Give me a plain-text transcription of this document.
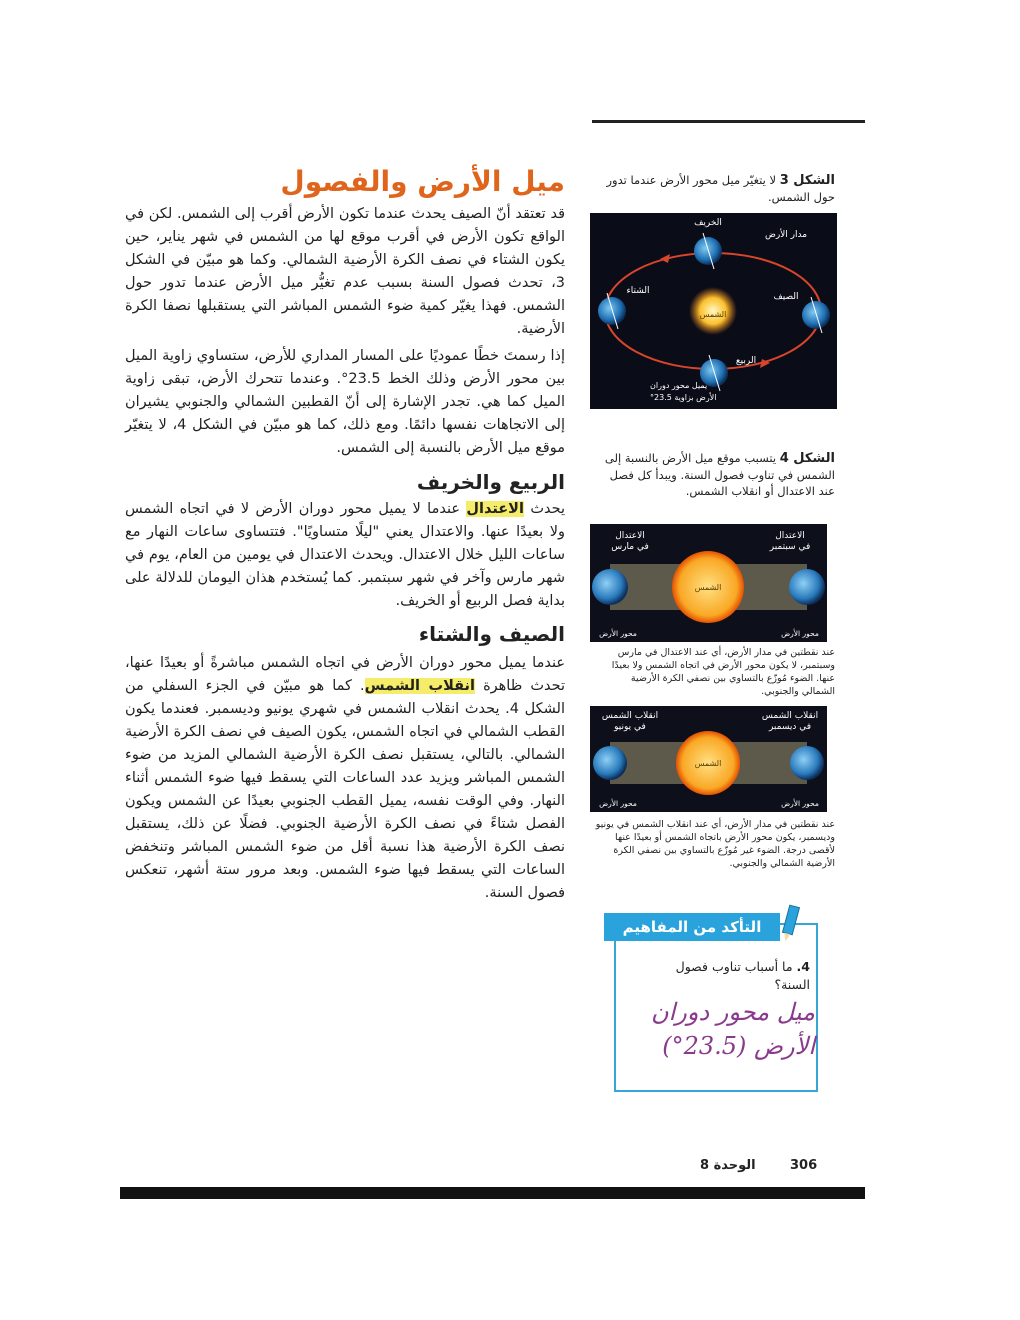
ميل الأرض والفصول

قد تعتقد أنّ الصيف يحدث عندما تكون الأرض أقرب إلى الشمس. لكن في الواقع تكون الأرض في أقرب موقع لها من الشمس في شهر يناير، حين يكون الشتاء في نصف الكرة الأرضية الشمالي. وكما هو مبيّن في الشكل 3، تحدث فصول السنة بسبب عدم تغيُّر ميل الأرض عندما تدور حول الشمس. فهذا يغيّر كمية ضوء الشمس المباشر التي يستقبلها نصفا الكرة الأرضية.

إذا رسمتَ خطًا عموديًا على المسار المداري للأرض، ستساوي زاوية الميل بين محور الأرض وذلك الخط 23.5°. وعندما تتحرك الأرض، تبقى زاوية الميل كما هي. تجدر الإشارة إلى أنّ القطبين الشمالي والجنوبي يشيران إلى الاتجاهات نفسها دائمًا. ومع ذلك، كما هو مبيّن في الشكل 4، لا يتغيّر موقع ميل الأرض بالنسبة إلى الشمس.

الربيع والخريف

يحدث الاعتدال عندما لا يميل محور دوران الأرض لا في اتجاه الشمس ولا بعيدًا عنها. والاعتدال يعني "ليلًا متساويًا". فتتساوى ساعات النهار مع ساعات الليل خلال الاعتدال. ويحدث الاعتدال في يومين من العام، يوم في شهر مارس وآخر في شهر سبتمبر. كما يُستخدم هذان اليومان للدلالة على بداية فصل الربيع أو الخريف.

الصيف والشتاء

عندما يميل محور دوران الأرض في اتجاه الشمس مباشرةً أو بعيدًا عنها، تحدث ظاهرة انقلاب الشمس. كما هو مبيّن في الجزء السفلي من الشكل 4. يحدث انقلاب الشمس في شهري يونيو وديسمبر. فعندما يكون القطب الشمالي في اتجاه الشمس، يكون الصيف في نصف الكرة الأرضية الشمالي. بالتالي، يستقبل نصف الكرة الأرضية الشمالي المزيد من ضوء الشمس المباشر ويزيد عدد الساعات التي يسقط فيها ضوء الشمس أثناء النهار. وفي الوقت نفسه، يميل القطب الجنوبي بعيدًا عن الشمس ويكون الفصل شتاءً في نصف الكرة الأرضية الجنوبي. فضلًا عن ذلك، يستقبل نصف الكرة الأرضية هذا نسبة أقل من ضوء الشمس المباشر وتنخفض الساعات التي يسقط فيها ضوء الشمس. وبعد مرور ستة أشهر، تنعكس فصول السنة.

الشكل 3 لا يتغيّر ميل محور الأرض عندما تدور حول الشمس.
الخريف
مدار الأرض
الشتاء
الصيف
الشمس
الربيع
يميل محور دوران
الأرض بزاوية 23.5°
الشكل 4 يتسبب موقع ميل الأرض بالنسبة إلى الشمس في تناوب فصول السنة. ويبدأ كل فصل عند الاعتدال أو انقلاب الشمس.
الاعتدال
في مارس
الاعتدال
في سبتمبر
الشمس
محور الأرض	محور الأرض
عند نقطتين في مدار الأرض، أي عند الاعتدال في مارس وسبتمبر، لا يكون محور الأرض في اتجاه الشمس ولا بعيدًا عنها. الضوء مُوزّع بالتساوي بين نصفي الكرة الأرضية الشمالي والجنوبي.
انقلاب الشمس
في يونيو
انقلاب الشمس
في ديسمبر
الشمس
محور الأرض	محور الأرض
عند نقطتين في مدار الأرض، أي عند انقلاب الشمس في يونيو وديسمبر، يكون محور الأرض باتجاه الشمس أو بعيدًا عنها لأقصى درجة. الضوء غير مُوزّع بالتساوي بين نصفي الكرة الأرضية الشمالي والجنوبي.
التأكد من المفاهيم الأساسية
4. ما أسباب تناوب فصول السنة؟
ميل محور دوران
الأرض (23.5°)
306
الوحدة 8
